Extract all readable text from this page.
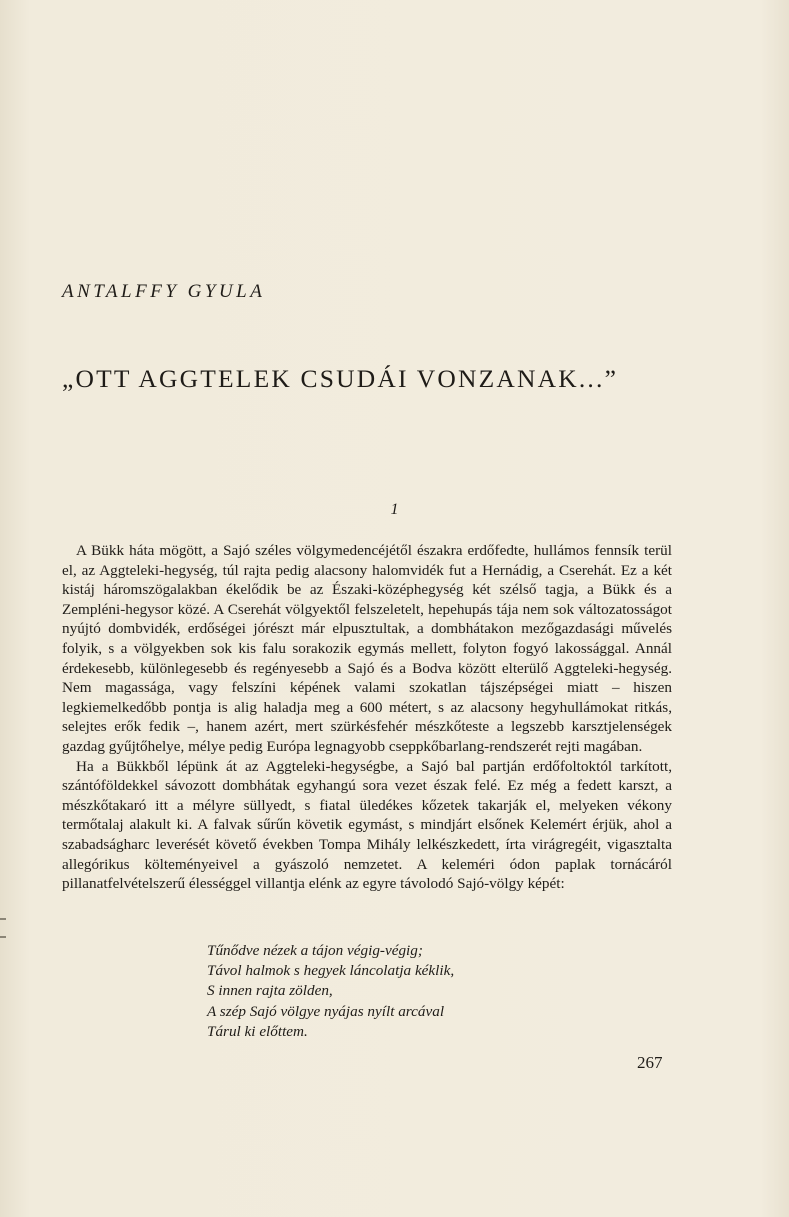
ANTALFFY GYULA
„OTT AGGTELEK CSUDÁI VONZANAK...”
1

A Bükk háta mögött, a Sajó széles völgymedencéjétől északra erdőfedte, hullámos fennsík terül el, az Aggteleki-hegység, túl rajta pedig alacsony halomvidék fut a Hernádig, a Cserehát. Ez a két kistáj háromszögalakban ékelődik be az Északi-középhegység két szélső tagja, a Bükk és a Zempléni-hegysor közé. A Cserehát völgyektől felszeletelt, hepehupás tája nem sok változatosságot nyújtó dombvidék, erdőségei jórészt már elpusztultak, a dombhátakon mezőgazdasági művelés folyik, s a völgyekben sok kis falu sorakozik egymás mellett, folyton fogyó lakossággal. Annál érdekesebb, különlegesebb és regényesebb a Sajó és a Bodva között elterülő Aggteleki-hegység. Nem magassága, vagy felszíni képének valami szokatlan tájszépségei miatt – hiszen legkiemelkedőbb pontja is alig haladja meg a 600 métert, s az alacsony hegyhullámokat ritkás, selejtes erők fedik –, hanem azért, mert szürkésfehér mészkőteste a legszebb karsztjelenségek gazdag gyűjtőhelye, mélye pedig Európa legnagyobb cseppkőbarlang-rendszerét rejti magában.

Ha a Bükkből lépünk át az Aggteleki-hegységbe, a Sajó bal partján erdőfoltoktól tarkított, szántóföldekkel sávozott dombhátak egyhangú sora vezet észak felé. Ez még a fedett karszt, a mészkőtakaró itt a mélyre süllyedt, s fiatal üledékes kőzetek takarják el, melyeken vékony termőtalaj alakult ki. A falvak sűrűn követik egymást, s mindjárt elsőnek Kelemért érjük, ahol a szabadságharc leverését követő években Tompa Mihály lelkészkedett, írta virágregéit, vigasztalta allegórikus költeményeivel a gyászoló nemzetet. A keleméri ódon paplak tornácáról pillanatfelvételszerű élességgel villantja elénk az egyre távolodó Sajó-völgy képét:

Tűnődve nézek a tájon végig-végig;
Távol halmok s hegyek láncolatja kéklik,
S innen rajta zölden,
A szép Sajó völgye nyájas nyílt arcával
Tárul ki előttem.
267
